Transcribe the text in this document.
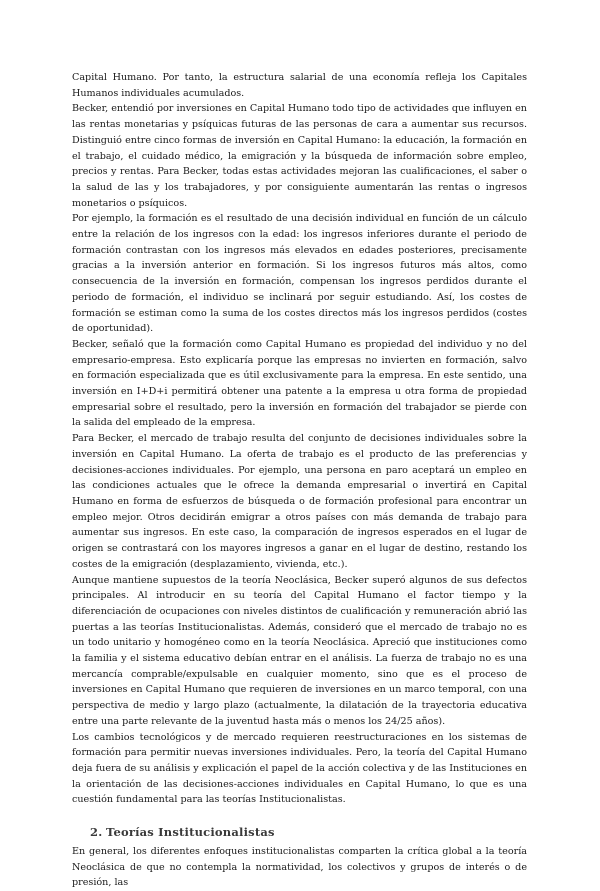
Capital Humano. Por tanto, la estructura salarial de una economía refleja los Capitales Humanos individuales acumulados.

Becker, entendió por inversiones en Capital Humano todo tipo de actividades que influyen en las rentas monetarias y psíquicas futuras de las personas de cara a aumentar sus recursos. Distinguió entre cinco formas de inversión en Capital Humano: la educación, la formación en el trabajo, el cuidado médico, la emigración y la búsqueda de información sobre empleo, precios y rentas. Para Becker, todas estas actividades mejoran las cualificaciones, el saber o la salud de las y los trabajadores, y por consiguiente aumentarán las rentas o ingresos monetarios o psíquicos.

Por ejemplo, la formación es el resultado de una decisión individual en función de un cálculo entre la relación de los ingresos con la edad: los ingresos inferiores durante el periodo de formación contrastan con los ingresos más elevados en edades posteriores, precisamente gracias a la inversión anterior en formación. Si los ingresos futuros más altos, como consecuencia de la inversión en formación, compensan los ingresos perdidos durante el periodo de formación, el individuo se inclinará por seguir estudiando. Así, los costes de formación se estiman como la suma de los costes directos más los ingresos perdidos (costes de oportunidad).

Becker, señaló que la formación como Capital Humano es propiedad del individuo y no del empresario-empresa. Esto explicaría porque las empresas no invierten en formación, salvo en formación especializada que es útil exclusivamente para la empresa. En este sentido, una inversión en I+D+i permitirá obtener una patente a la empresa u otra forma de propiedad empresarial sobre el resultado, pero la inversión en formación del trabajador se pierde con la salida del empleado de la empresa.

Para Becker, el mercado de trabajo resulta del conjunto de decisiones individuales sobre la inversión en Capital Humano. La oferta de trabajo es el producto de las preferencias y decisiones-acciones individuales. Por ejemplo, una persona en paro aceptará un empleo en las condiciones actuales que le ofrece la demanda empresarial o invertirá en Capital Humano en forma de esfuerzos de búsqueda o de formación profesional para encontrar un empleo mejor. Otros decidirán emigrar a otros países con más demanda de trabajo para aumentar sus ingresos. En este caso, la comparación de ingresos esperados en el lugar de origen se contrastará con los mayores ingresos a ganar en el lugar de destino, restando los costes de la emigración (desplazamiento, vivienda, etc.).

Aunque mantiene supuestos de la teoría Neoclásica, Becker superó algunos de sus defectos principales. Al introducir en su teoría del Capital Humano el factor tiempo y la diferenciación de ocupaciones con niveles distintos de cualificación y remuneración abrió las puertas a las teorías Institucionalistas. Además, consideró que el mercado de trabajo no es un todo unitario y homogéneo como en la teoría Neoclásica. Apreció que instituciones como la familia y el sistema educativo debían entrar en el análisis. La fuerza de trabajo no es una mercancía comprable/expulsable en cualquier momento, sino que es el proceso de inversiones en Capital Humano que requieren de inversiones en un marco temporal, con una perspectiva de medio y largo plazo (actualmente, la dilatación de la trayectoria educativa entre una parte relevante de la juventud hasta más o menos los 24/25 años).

Los cambios tecnológicos y de mercado requieren reestructuraciones en los sistemas de formación para permitir nuevas inversiones individuales. Pero, la teoría del Capital Humano deja fuera de su análisis y explicación el papel de la acción colectiva y de las Instituciones en la orientación de las decisiones-acciones individuales en Capital Humano, lo que es una cuestión fundamental para las teorías Institucionalistas.

2. Teorías Institucionalistas

En general, los diferentes enfoques institucionalistas comparten la crítica global a la teoría Neoclásica de que no contempla la normatividad, los colectivos y grupos de interés o de presión, las
